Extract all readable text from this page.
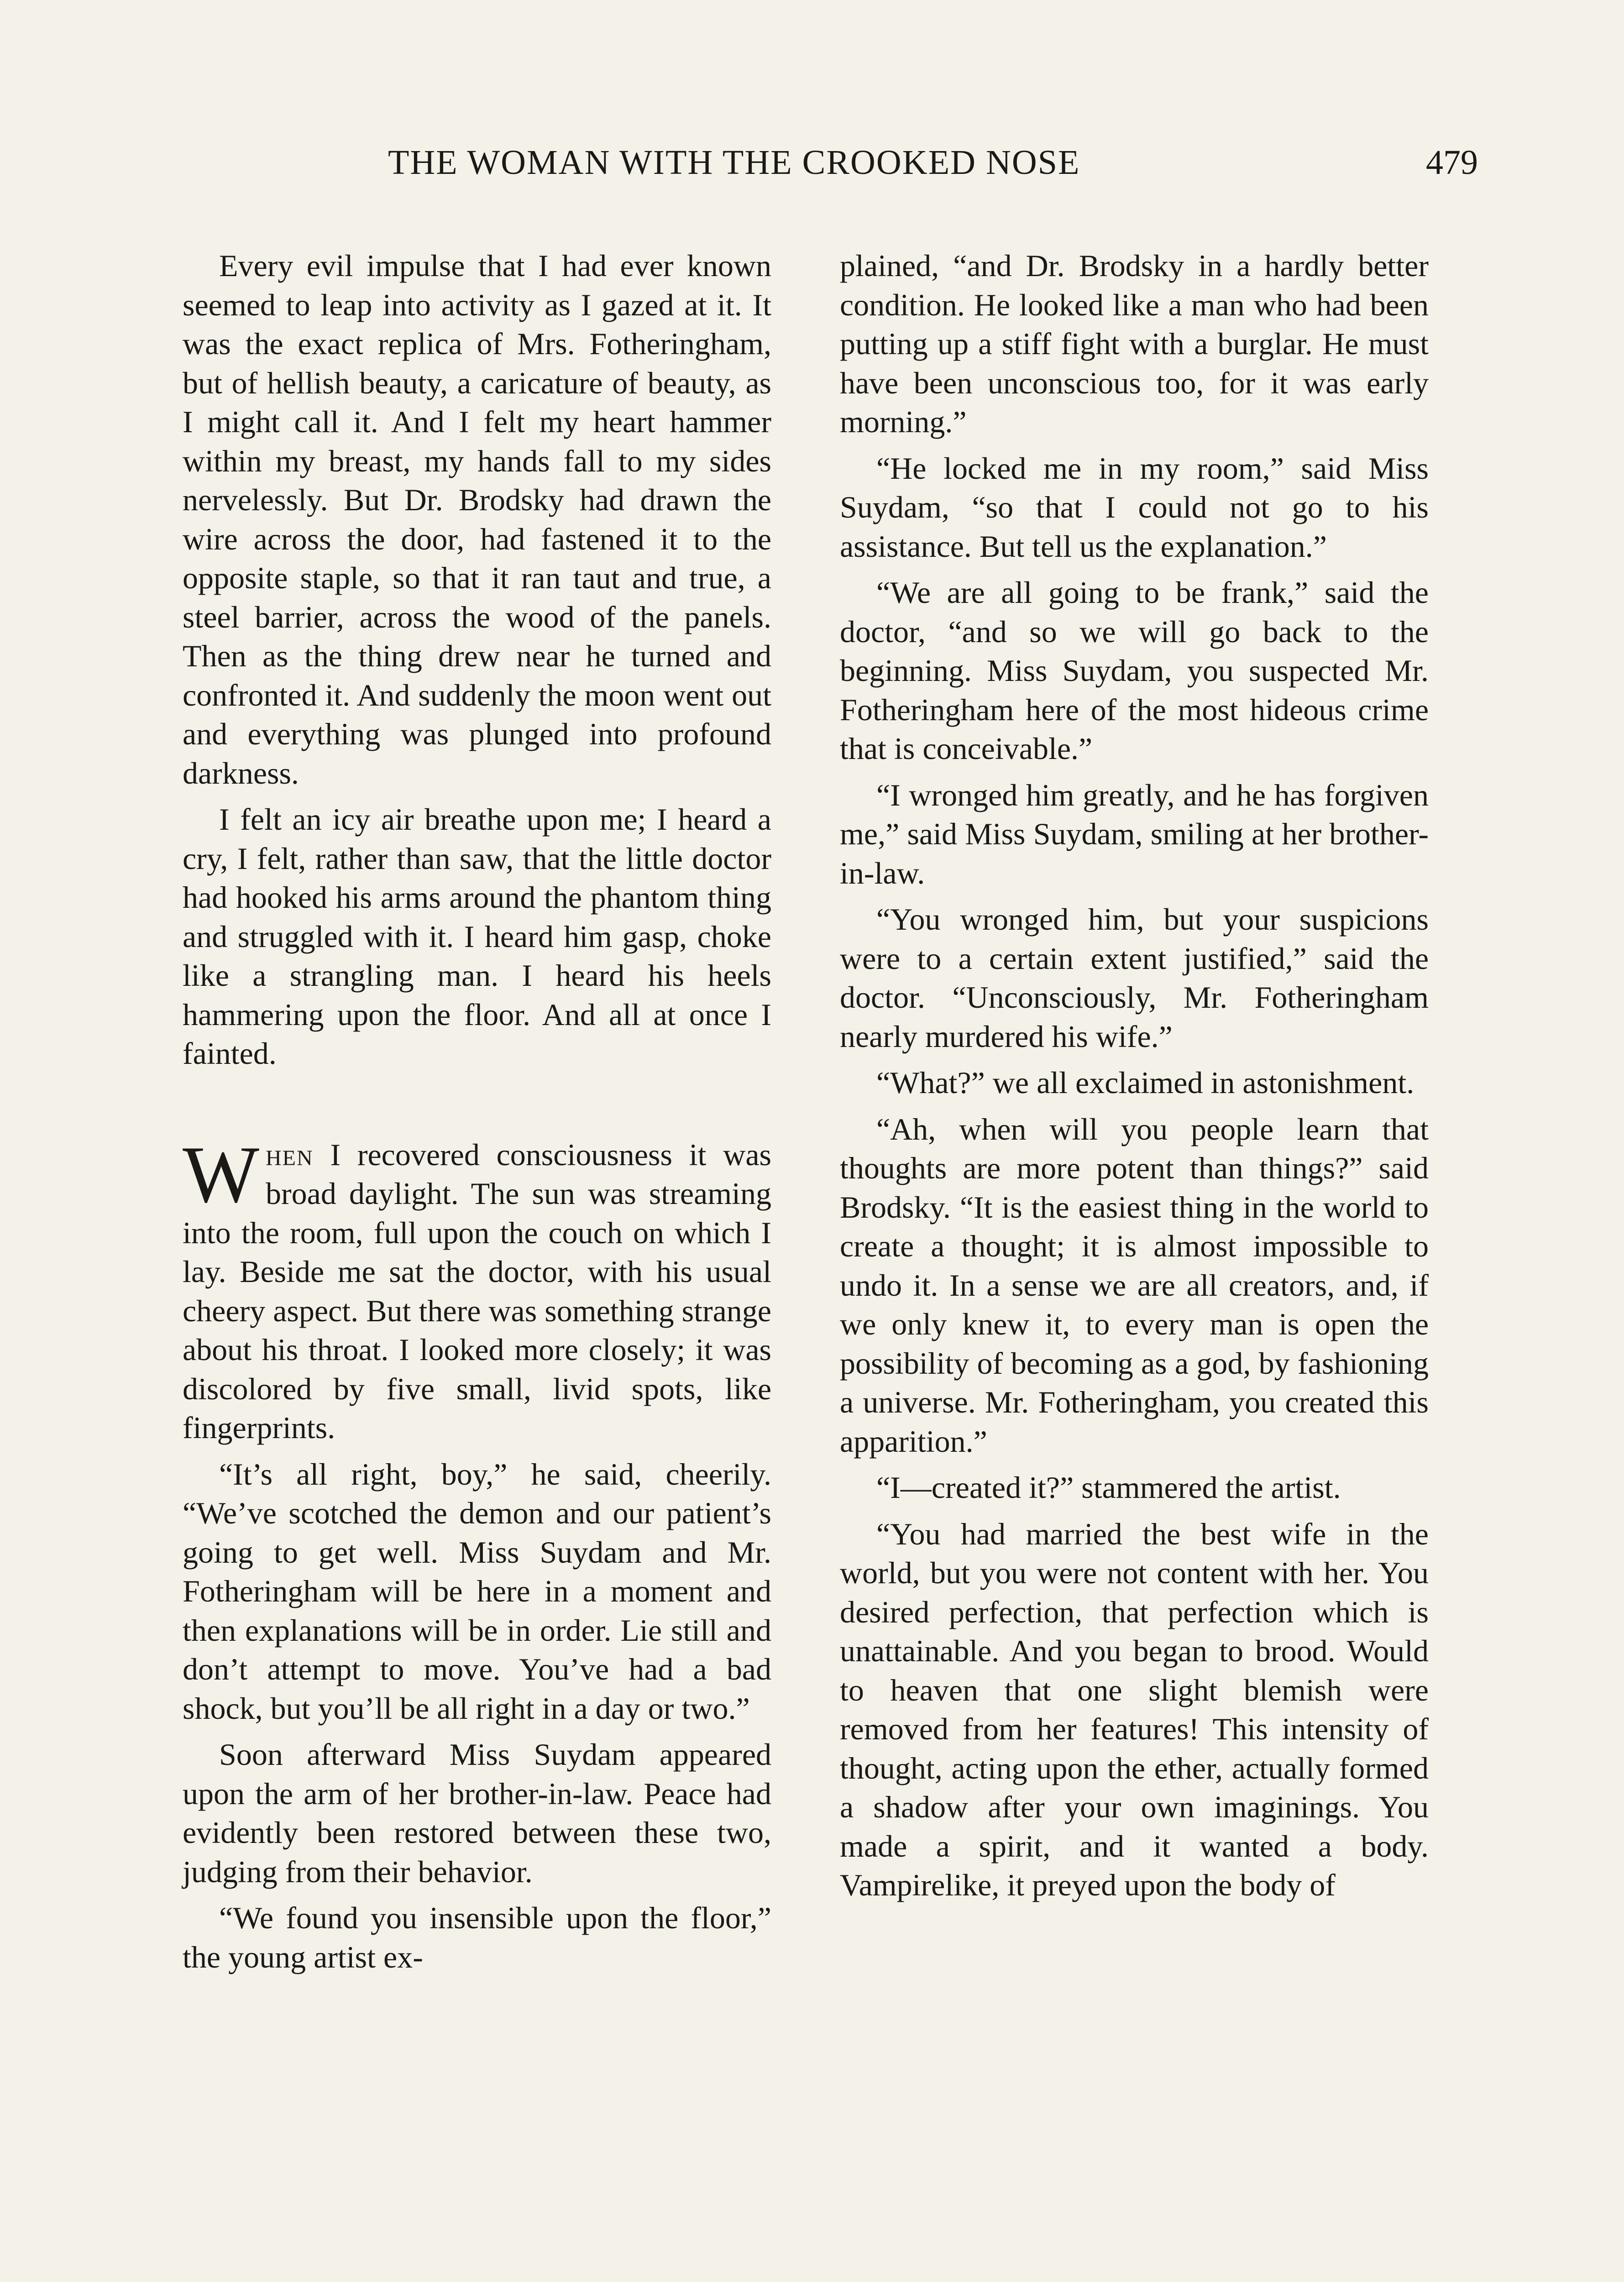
THE WOMAN WITH THE CROOKED NOSE	479

Every evil impulse that I had ever known seemed to leap into activity as I gazed at it. It was the exact replica of Mrs. Fotheringham, but of hellish beauty, a caricature of beauty, as I might call it. And I felt my heart hammer within my breast, my hands fall to my sides nervelessly. But Dr. Brodsky had drawn the wire across the door, had fastened it to the opposite staple, so that it ran taut and true, a steel barrier, across the wood of the panels. Then as the thing drew near he turned and confronted it. And suddenly the moon went out and everything was plunged into profound darkness.

I felt an icy air breathe upon me; I heard a cry, I felt, rather than saw, that the little doctor had hooked his arms around the phantom thing and struggled with it. I heard him gasp, choke like a strangling man. I heard his heels hammering upon the floor. And all at once I fainted.

When I recovered consciousness it was broad daylight. The sun was streaming into the room, full upon the couch on which I lay. Beside me sat the doctor, with his usual cheery aspect. But there was something strange about his throat. I looked more closely; it was discolored by five small, livid spots, like fingerprints.

“It’s all right, boy,” he said, cheerily. “We’ve scotched the demon and our patient’s going to get well. Miss Suydam and Mr. Fotheringham will be here in a moment and then explanations will be in order. Lie still and don’t attempt to move. You’ve had a bad shock, but you’ll be all right in a day or two.”

Soon afterward Miss Suydam appeared upon the arm of her brother-in-law. Peace had evidently been restored between these two, judging from their behavior.

“We found you insensible upon the floor,” the young artist ex-

plained, “and Dr. Brodsky in a hardly better condition. He looked like a man who had been putting up a stiff fight with a burglar. He must have been unconscious too, for it was early morning.”

“He locked me in my room,” said Miss Suydam, “so that I could not go to his assistance. But tell us the explanation.”

“We are all going to be frank,” said the doctor, “and so we will go back to the beginning. Miss Suydam, you suspected Mr. Fotheringham here of the most hideous crime that is conceivable.”

“I wronged him greatly, and he has forgiven me,” said Miss Suydam, smiling at her brother-in-law.

“You wronged him, but your suspicions were to a certain extent justified,” said the doctor. “Unconsciously, Mr. Fotheringham nearly murdered his wife.”

“What?” we all exclaimed in astonishment.

“Ah, when will you people learn that thoughts are more potent than things?” said Brodsky. “It is the easiest thing in the world to create a thought; it is almost impossible to undo it. In a sense we are all creators, and, if we only knew it, to every man is open the possibility of becoming as a god, by fashioning a universe. Mr. Fotheringham, you created this apparition.”

“I—created it?” stammered the artist.

“You had married the best wife in the world, but you were not content with her. You desired perfection, that perfection which is unattainable. And you began to brood. Would to heaven that one slight blemish were removed from her features! This intensity of thought, acting upon the ether, actually formed a shadow after your own imaginings. You made a spirit, and it wanted a body. Vampirelike, it preyed upon the body of
